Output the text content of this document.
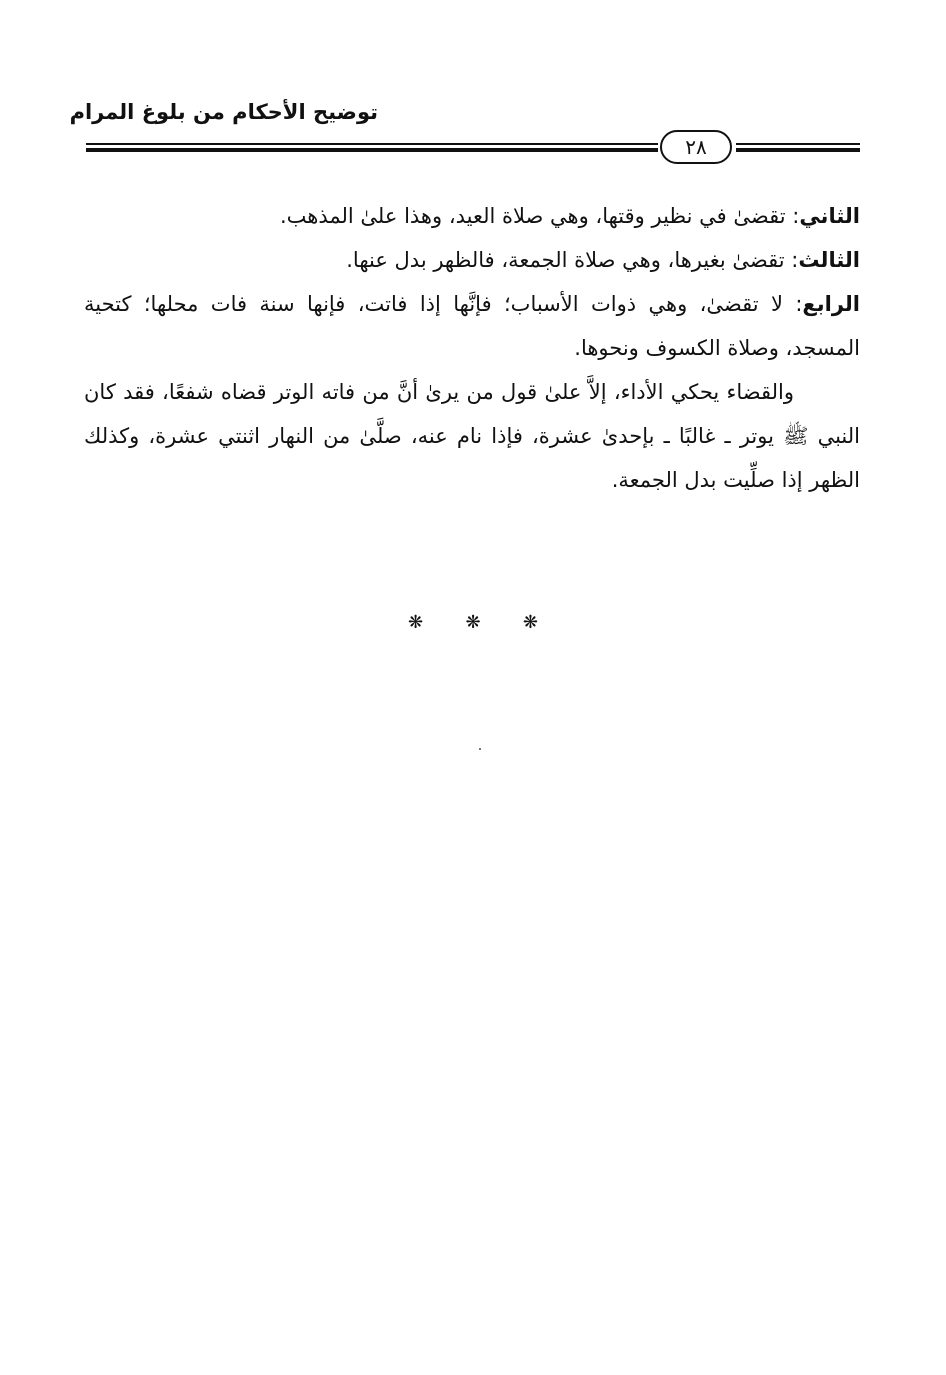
توضيح الأحكام من بلوغ المرام
٢٨

الثاني: تقضىٰ في نظير وقتها، وهي صلاة العيد، وهذا علىٰ المذهب.

الثالث: تقضىٰ بغيرها، وهي صلاة الجمعة، فالظهر بدل عنها.

الرابع: لا تقضىٰ، وهي ذوات الأسباب؛ فإنَّها إذا فاتت، فإنها سنة فات محلها؛ كتحية المسجد، وصلاة الكسوف ونحوها.

والقضاء يحكي الأداء، إلاَّ علىٰ قول من يرىٰ أنَّ من فاته الوتر قضاه شفعًا، فقد كان النبي ﷺ يوتر ـ غالبًا ـ بإحدىٰ عشرة، فإذا نام عنه، صلَّىٰ من النهار اثنتي عشرة، وكذلك الظهر إذا صلِّيت بدل الجمعة.

❋ ❋ ❋
